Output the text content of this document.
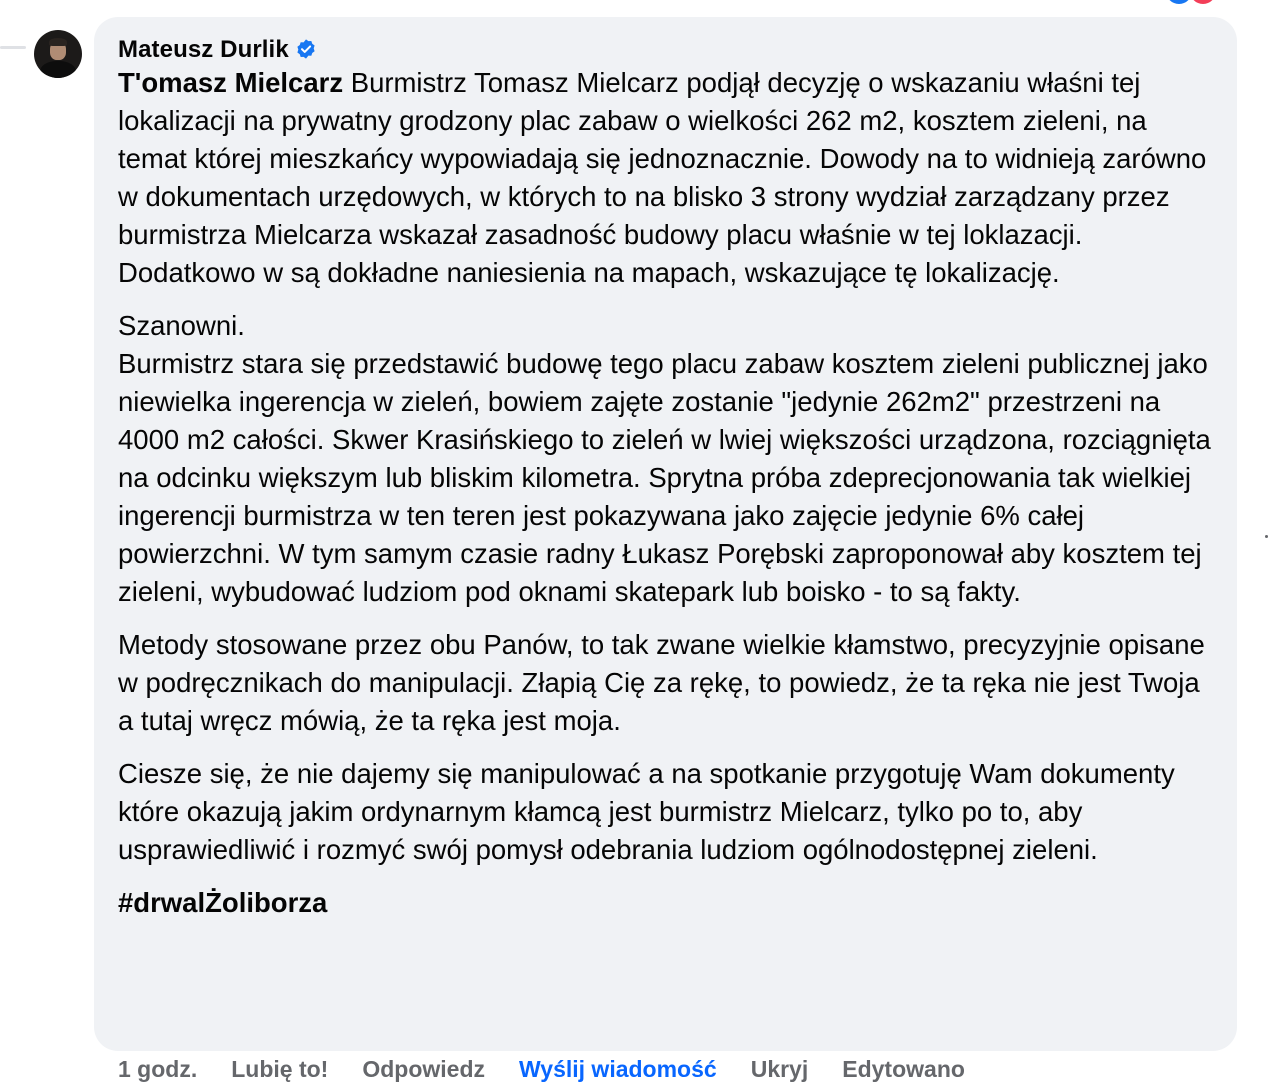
Mateusz Durlik

T'omasz Mielcarz Burmistrz Tomasz Mielcarz podjął decyzję o wskazaniu właśni tej lokalizacji na prywatny grodzony plac zabaw o wielkości 262 m2, kosztem zieleni, na temat której mieszkańcy wypowiadają się jednoznacznie. Dowody na to widnieją zarówno w dokumentach urzędowych, w których to na blisko 3 strony wydział zarządzany przez burmistrza Mielcarza wskazał zasadność budowy placu właśnie w tej loklazacji. Dodatkowo w są dokładne naniesienia na mapach, wskazujące tę lokalizację.

Szanowni.
Burmistrz stara się przedstawić budowę tego placu zabaw kosztem zieleni publicznej jako niewielka ingerencja w zieleń, bowiem zajęte zostanie "jedynie 262m2" przestrzeni na 4000 m2 całości. Skwer Krasińskiego to zieleń w lwiej większości urządzona, rozciągnięta na odcinku większym lub bliskim kilometra. Sprytna próba zdeprecjonowania tak wielkiej ingerencji burmistrza w ten teren jest pokazywana jako zajęcie jedynie 6% całej powierzchni. W tym samym czasie radny Łukasz Porębski zaproponował aby kosztem tej zieleni, wybudować ludziom pod oknami skatepark lub boisko - to są fakty.

Metody stosowane przez obu Panów, to tak zwane wielkie kłamstwo, precyzyjnie opisane w podręcznikach do manipulacji. Złapią Cię za rękę, to powiedz, że ta ręka nie jest Twoja a tutaj wręcz mówią, że ta ręka jest moja.

Ciesze się, że nie dajemy się manipulować a na spotkanie przygotuję Wam dokumenty które okazują jakim ordynarnym kłamcą jest burmistrz Mielcarz, tylko po to, aby usprawiedliwić i rozmyć swój pomysł odebrania ludziom ogólnodostępnej zieleni.

#drwalŻoliborza
1 godz. Lubię to! Odpowiedz Wyślij wiadomość Ukryj Edytowano
